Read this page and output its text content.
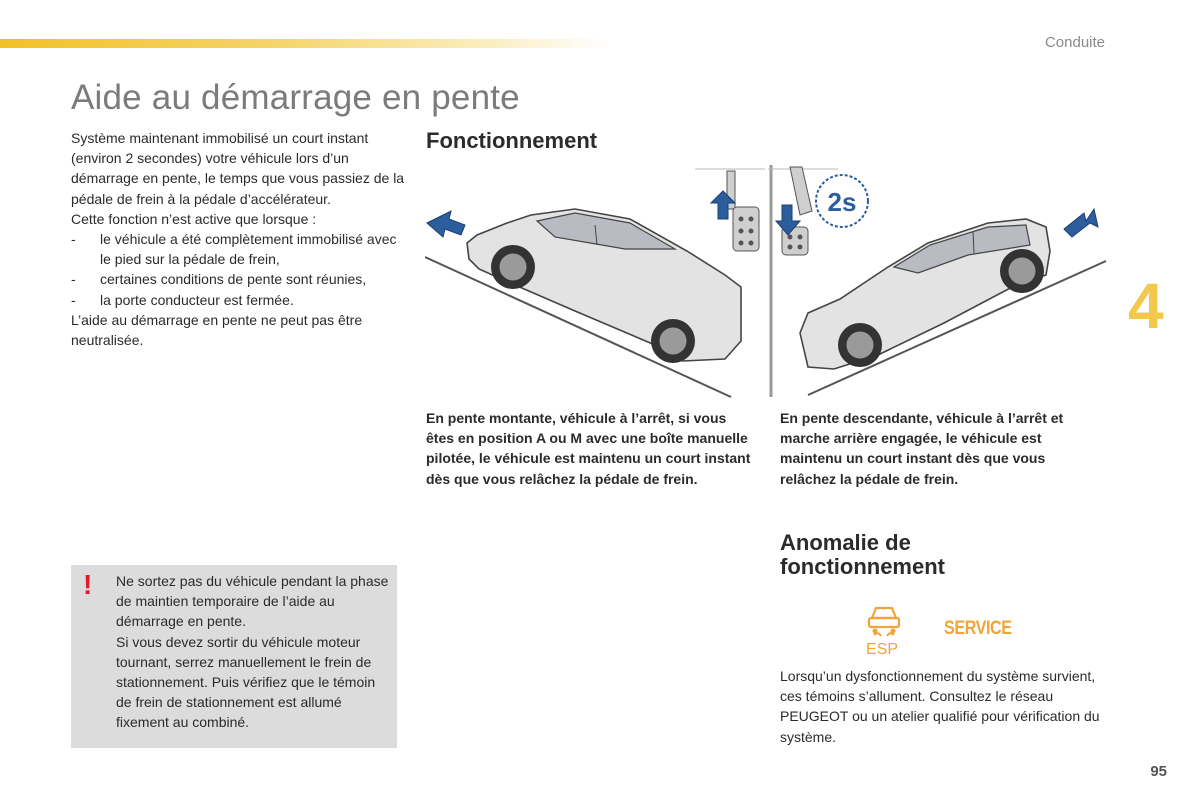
Conduite
Aide au démarrage en pente

Système maintenant immobilisé un court instant (environ 2 secondes) votre véhicule lors d’un démarrage en pente, le temps que vous passiez de la pédale de frein à la pédale d’accélérateur.

Cette fonction n’est active que lorsque :

- le véhicule a été complètement immobilisé avec le pied sur la pédale de frein,
- certaines conditions de pente sont réunies,
- la porte conducteur est fermée.

L’aide au démarrage en pente ne peut pas être neutralisée.

Fonctionnement
2s

En pente montante, véhicule à l’arrêt, si vous êtes en position A ou M avec une boîte manuelle pilotée, le véhicule est maintenu un court instant dès que vous relâchez la pédale de frein.

En pente descendante, véhicule à l’arrêt et marche arrière engagée, le véhicule est maintenu un court instant dès que vous relâchez la pédale de frein.

! Ne sortez pas du véhicule pendant la phase de maintien temporaire de l’aide au démarrage en pente.

Si vous devez sortir du véhicule moteur tournant, serrez manuellement le frein de stationnement. Puis vérifiez que le témoin de frein de stationnement est allumé fixement au combiné.

4
Anomalie de
fonctionnement
ESP
SERVICE

Lorsqu’un dysfonctionnement du système survient, ces témoins s’allument. Consultez le réseau PEUGEOT ou un atelier qualifié pour vérification du système.

95
